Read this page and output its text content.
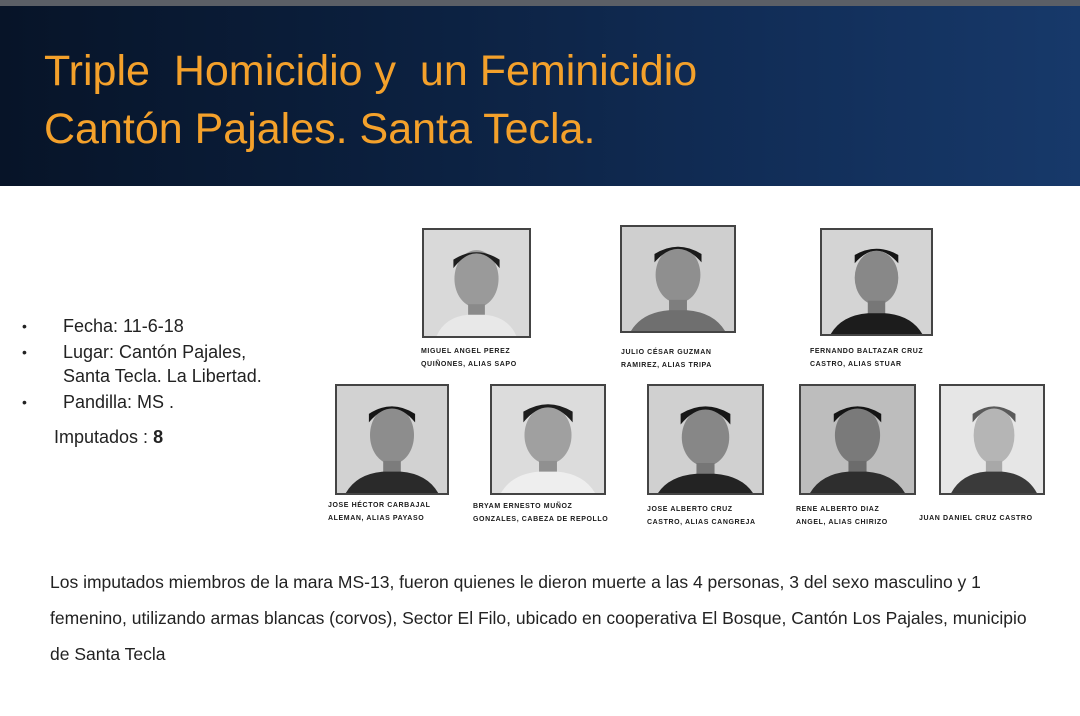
Triple  Homicidio y  un Feminicidio
Cantón Pajales. Santa Tecla.
• Fecha: 11-6-18
• Lugar: Cantón Pajales,
Santa Tecla. La Libertad.
• Pandilla: MS .
Imputados : 8
MIGUEL ANGEL PEREZ
QUIÑONES, ALIAS SAPO
JULIO CÉSAR GUZMAN
RAMIREZ, ALIAS TRIPA
FERNANDO BALTAZAR CRUZ
CASTRO, ALIAS STUAR
JOSE HÉCTOR CARBAJAL
ALEMAN, ALIAS PAYASO
BRYAM ERNESTO MUÑOZ
GONZALES, CABEZA DE REPOLLO
JOSE ALBERTO CRUZ
CASTRO, ALIAS CANGREJA
RENE ALBERTO DIAZ
ANGEL, ALIAS CHIRIZO
JUAN DANIEL CRUZ CASTRO
Los imputados miembros de la mara MS-13, fueron quienes le dieron muerte a las 4 personas, 3 del sexo masculino y 1 femenino, utilizando armas blancas (corvos), Sector El Filo, ubicado en cooperativa El Bosque, Cantón Los Pajales, municipio de Santa Tecla
